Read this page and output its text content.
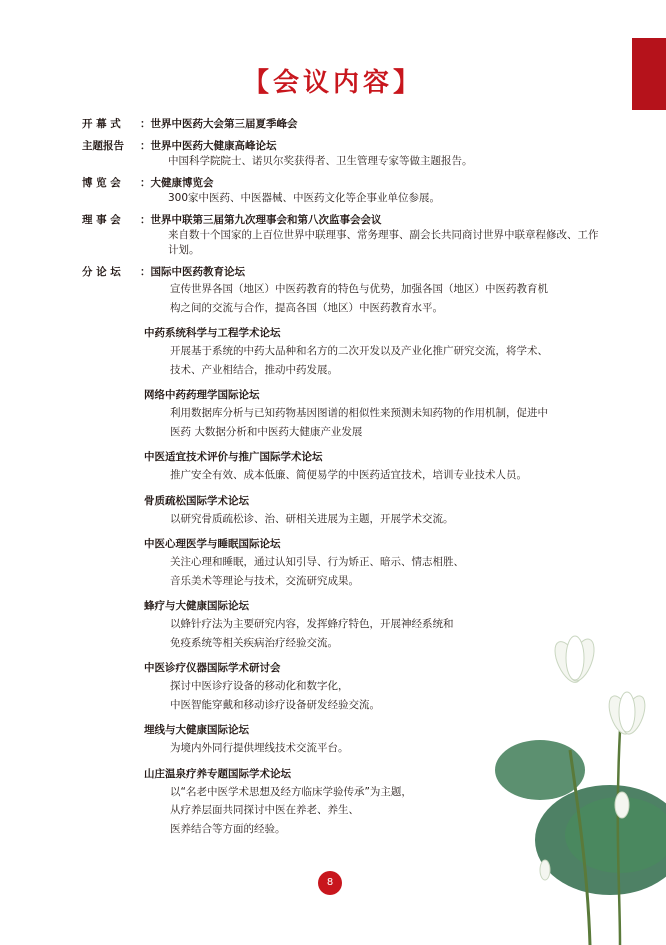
【会议内容】
开 幕 式 ：世界中医药大会第三届夏季峰会
主题报告 ：世界中医药大健康高峰论坛
中国科学院院士、诺贝尔奖获得者、卫生管理专家等做主题报告。
博 览 会 ：大健康博览会
300家中医药、中医器械、中医药文化等企事业单位参展。
理 事 会 ：世界中联第三届第九次理事会和第八次监事会会议
来自数十个国家的上百位世界中联理事、常务理事、副会长共同商讨世界中联章程修改、工作计划。
分 论 坛 ：国际中医药教育论坛
宣传世界各国（地区）中医药教育的特色与优势，加强各国（地区）中医药教育机
构之间的交流与合作，提高各国（地区）中医药教育水平。
中药系统科学与工程学术论坛
开展基于系统的中药大品种和名方的二次开发以及产业化推广研究交流，将学术、
技术、产业相结合，推动中药发展。
网络中药药理学国际论坛
利用数据库分析与已知药物基因图谱的相似性来预测未知药物的作用机制，促进中
医药 大数据分析和中医药大健康产业发展
中医适宜技术评价与推广国际学术论坛
推广安全有效、成本低廉、简便易学的中医药适宜技术，培训专业技术人员。
骨质疏松国际学术论坛
以研究骨质疏松诊、治、研相关进展为主题，开展学术交流。
中医心理医学与睡眠国际论坛
关注心理和睡眠，通过认知引导、行为矫正、暗示、情志相胜、
音乐美术等理论与技术，交流研究成果。
蜂疗与大健康国际论坛
以蜂针疗法为主要研究内容，发挥蜂疗特色，开展神经系统和
免疫系统等相关疾病治疗经验交流。
中医诊疗仪器国际学术研讨会
探讨中医诊疗设备的移动化和数字化，
中医智能穿戴和移动诊疗设备研发经验交流。
埋线与大健康国际论坛
为境内外同行提供埋线技术交流平台。
山庄温泉疗养专题国际学术论坛
以“名老中医学术思想及经方临床学验传承”为主题，
从疗养层面共同探讨中医在养老、养生、
医养结合等方面的经验。
8
